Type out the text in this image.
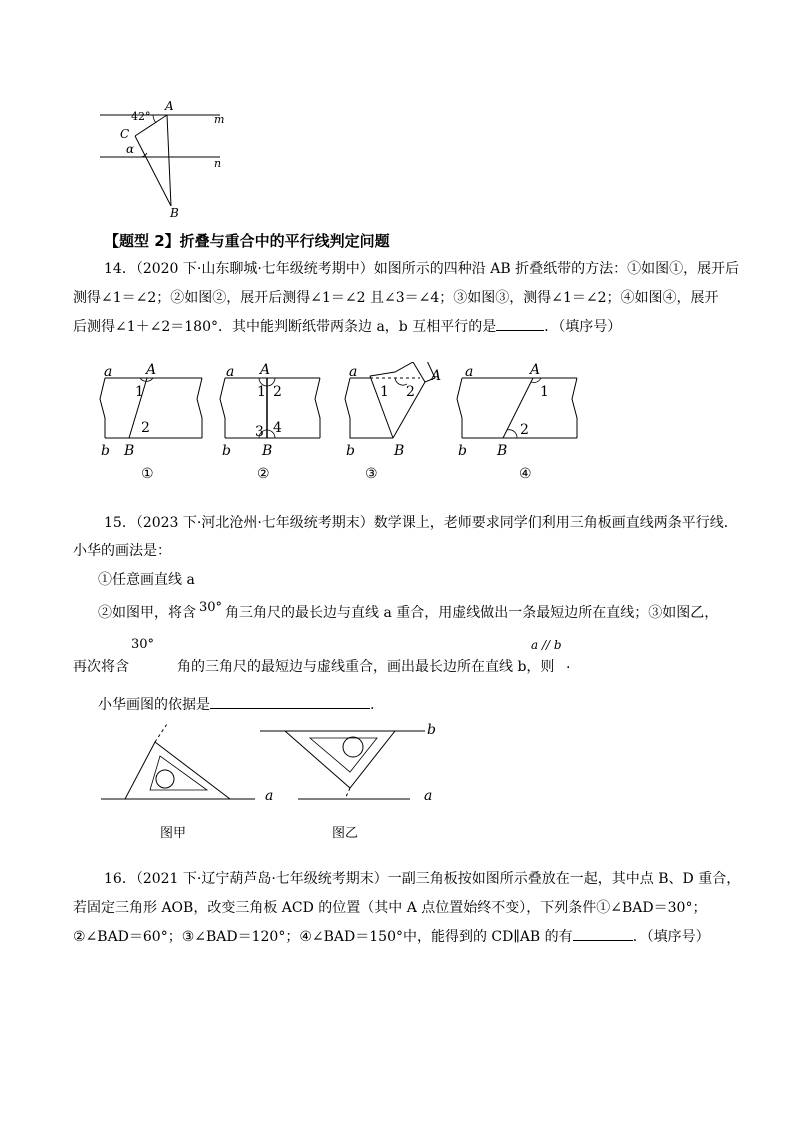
42°
A
C
α
B
m
n
【题型 2】折叠与重合中的平行线判定问题
14．（2020 下·山东聊城·七年级统考期中）如图所示的四种沿 AB 折叠纸带的方法：①如图①，展开后
测得∠1＝∠2；②如图②，展开后测得∠1＝∠2 且∠3＝∠4；③如图③，测得∠1＝∠2；④如图④，展开
后测得∠1＋∠2＝180°．其中能判断纸带两条边 a，b 互相平行的是	．（填序号）
a A
1
2
b B
①
a A
1 2
3 4
b B
②
a	A
1 2
b	B
③
a	A
1
2
b B
④
15．（2023 下·河北沧州·七年级统考期末）数学课上，老师要求同学们利用三角板画直线两条平行线．
小华的画法是：
①任意画直线 a
②如图甲，将含 30° 角三角尺的最长边与直线 a 重合，用虚线做出一条最短边所在直线；③如图乙，
30°
再次将含	角的三角尺的最短边与虚线重合，画出最长边所在直线 b，则
a // b
.
小华画图的依据是	.
a
b
a
图甲	图乙
16．（2021 下·辽宁葫芦岛·七年级统考期末）一副三角板按如图所示叠放在一起，其中点 B、D 重合，
若固定三角形 AOB，改变三角板 ACD 的位置（其中 A 点位置始终不变），下列条件①∠BAD＝30°；
②∠BAD＝60°；③∠BAD＝120°；④∠BAD＝150°中，能得到的 CD∥AB 的有	．（填序号）
